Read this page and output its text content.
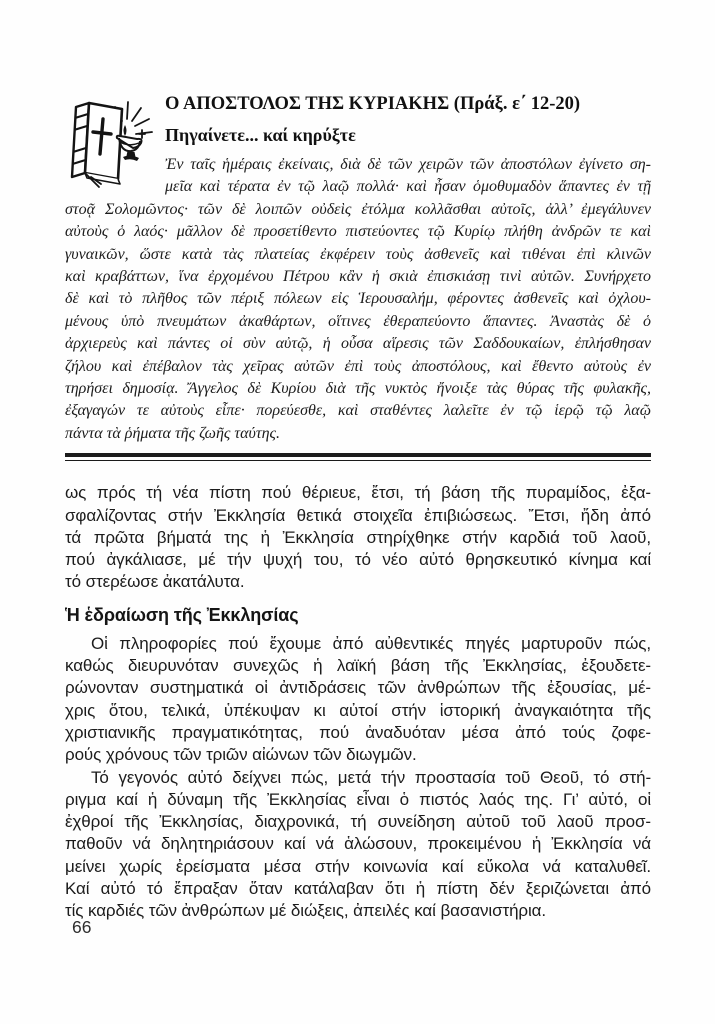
Ο ΑΠΟΣΤΟΛΟΣ ΤΗΣ ΚΥΡΙΑΚΗΣ (Πράξ. ε΄ 12-20)
Πηγαίνετε... καί κηρύξτε
Ἐν ταῖς ἡμέραις ἐκείναις, διὰ δὲ τῶν χειρῶν τῶν ἀποστόλων ἐγίνετο ση-
μεῖα καὶ τέρατα ἐν τῷ λαῷ πολλά· καὶ ἦσαν ὁμοθυμαδὸν ἅπαντες ἐν τῇ
στοᾷ Σολομῶντος· τῶν δὲ λοιπῶν οὐδεὶς ἐτόλμα κολλᾶσθαι αὐτοῖς, ἀλλ’ ἐμεγάλυνεν
αὐτοὺς ὁ λαός· μᾶλλον δὲ προσετίθεντο πιστεύοντες τῷ Κυρίῳ πλήθη ἀνδρῶν τε καὶ
γυναικῶν, ὥστε κατὰ τὰς πλατείας ἐκφέρειν τοὺς ἀσθενεῖς καὶ τιθέναι ἐπὶ κλινῶν
καὶ κραβάττων, ἵνα ἐρχομένου Πέτρου κἂν ἡ σκιὰ ἐπισκιάσῃ τινὶ αὐτῶν. Συνήρχετο
δὲ καὶ τὸ πλῆθος τῶν πέριξ πόλεων εἰς Ἱερουσαλήμ, φέροντες ἀσθενεῖς καὶ ὀχλου-
μένους ὑπὸ πνευμάτων ἀκαθάρτων, οἵτινες ἐθεραπεύοντο ἅπαντες. Ἀναστὰς δὲ ὁ
ἀρχιερεὺς καὶ πάντες οἱ σὺν αὐτῷ, ἡ οὖσα αἵρεσις τῶν Σαδδουκαίων, ἐπλήσθησαν
ζήλου καὶ ἐπέβαλον τὰς χεῖρας αὐτῶν ἐπὶ τοὺς ἀποστόλους, καὶ ἔθεντο αὐτοὺς ἐν
τηρήσει δημοσίᾳ. Ἄγγελος δὲ Κυρίου διὰ τῆς νυκτὸς ἤνοιξε τὰς θύρας τῆς φυλακῆς,
ἐξαγαγών τε αὐτοὺς εἶπε· πορεύεσθε, καὶ σταθέντες λαλεῖτε ἐν τῷ ἱερῷ τῷ λαῷ
πάντα τὰ ῥήματα τῆς ζωῆς ταύτης.
ως πρός τή νέα πίστη πού θέριευε, ἔτσι, τή βάση τῆς πυραμίδος, ἐξα-
σφαλίζοντας στήν Ἐκκλησία θετικά στοιχεῖα ἐπιβιώσεως. Ἔτσι, ἤδη ἀπό
τά πρῶτα βήματά της ἡ Ἐκκλησία στηρίχθηκε στήν καρδιά τοῦ λαοῦ,
πού ἀγκάλιασε, μέ τήν ψυχή του, τό νέο αὐτό θρησκευτικό κίνημα καί
τό στερέωσε ἀκατάλυτα.
Ἡ ἑδραίωση τῆς Ἐκκλησίας
Οἱ πληροφορίες πού ἔχουμε ἀπό αὐθεντικές πηγές μαρτυροῦν πώς,
καθώς διευρυνόταν συνεχῶς ἡ λαϊκή βάση τῆς Ἐκκλησίας, ἐξουδετε-
ρώνονταν συστηματικά οἱ ἀντιδράσεις τῶν ἀνθρώπων τῆς ἐξουσίας, μέ-
χρις ὅτου, τελικά, ὑπέκυψαν κι αὐτοί στήν ἱστορική ἀναγκαιότητα τῆς
χριστιανικῆς πραγματικότητας, πού ἀναδυόταν μέσα ἀπό τούς ζοφε-
ρούς χρόνους τῶν τριῶν αἰώνων τῶν διωγμῶν.
Τό γεγονός αὐτό δείχνει πώς, μετά τήν προστασία τοῦ Θεοῦ, τό στή-
ριγμα καί ἡ δύναμη τῆς Ἐκκλησίας εἶναι ὁ πιστός λαός της. Γι’ αὐτό, οἱ
ἐχθροί τῆς Ἐκκλησίας, διαχρονικά, τή συνείδηση αὐτοῦ τοῦ λαοῦ προσ-
παθοῦν νά δηλητηριάσουν καί νά ἁλώσουν, προκειμένου ἡ Ἐκκλησία νά
μείνει χωρίς ἐρείσματα μέσα στήν κοινωνία καί εὔκολα νά καταλυθεῖ.
Καί αὐτό τό ἔπραξαν ὅταν κατάλαβαν ὅτι ἡ πίστη δέν ξεριζώνεται ἀπό
τίς καρδιές τῶν ἀνθρώπων μέ διώξεις, ἀπειλές καί βασανιστήρια.
66
